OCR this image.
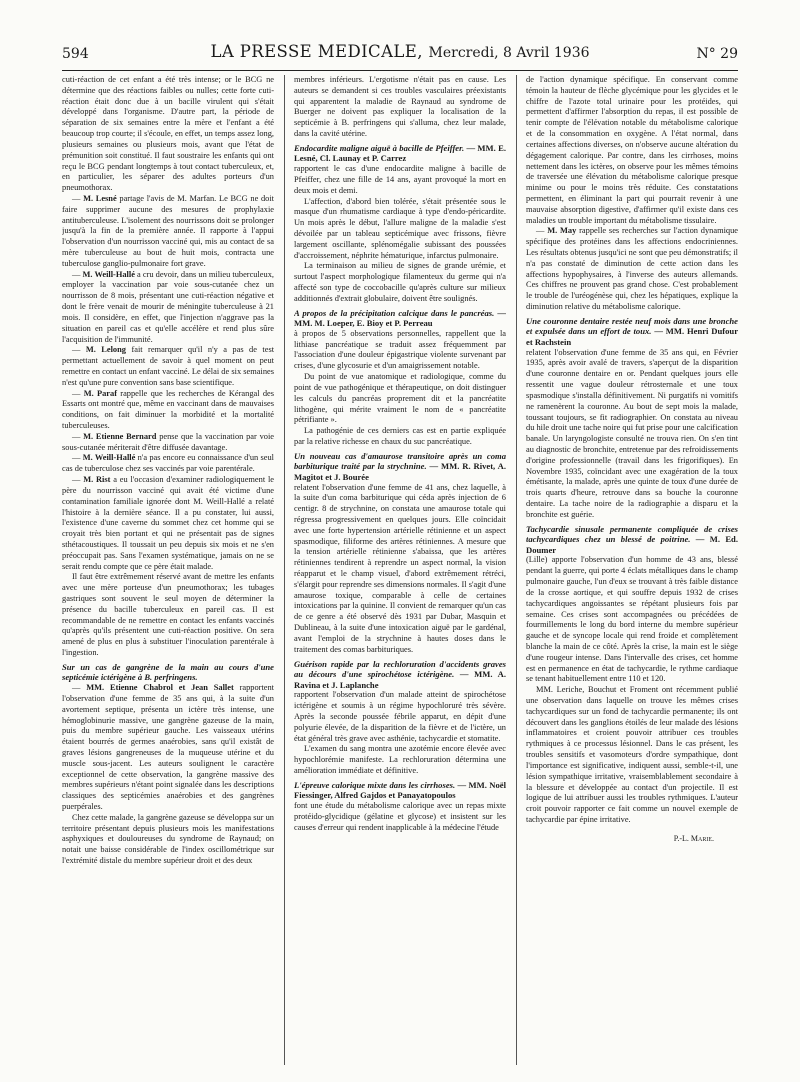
594	LA PRESSE MEDICALE, Mercredi, 8 Avril 1936	N° 29

cuti-réaction de cet enfant a été très intense; or le BCG ne détermine que des réactions faibles ou nulles; cette forte cuti-réaction était donc due à un bacille virulent qui s'était développé dans l'organisme. D'autre part, la période de séparation de six semaines entre la mère et l'enfant a été beaucoup trop courte; il s'écoule, en effet, un temps assez long, plusieurs semaines ou plusieurs mois, avant que l'état de prémunition soit constitué. Il faut soustraire les enfants qui ont reçu le BCG pendant longtemps à tout contact tuberculeux, et, en particulier, les séparer des adultes porteurs d'un pneumothorax.

— M. Lesné partage l'avis de M. Marfan. Le BCG ne doit faire supprimer aucune des mesures de prophylaxie antituberculeuse. L'isolement des nourrissons doit se prolonger jusqu'à la fin de la première année. Il rapporte à l'appui l'observation d'un nourrisson vacciné qui, mis au contact de sa mère tuberculeuse au bout de huit mois, contracta une tuberculose ganglio-pulmonaire fort grave.

— M. Weill-Hallé a cru devoir, dans un milieu tuberculeux, employer la vaccination par voie sous-cutanée chez un nourrisson de 8 mois, présentant une cuti-réaction négative et dont le frère venait de mourir de méningite tuberculeuse à 21 mois. Il considère, en effet, que l'injection n'aggrave pas la situation en pareil cas et qu'elle accélère et rend plus sûre l'acquisition de l'immunité.

— M. Lelong fait remarquer qu'il n'y a pas de test permettant actuellement de savoir à quel moment on peut remettre en contact un enfant vacciné. Le délai de six semaines n'est qu'une pure convention sans base scientifique.

— M. Paraf rappelle que les recherches de Kérangal des Essarts ont montré que, même en vaccinant dans de mauvaises conditions, on fait diminuer la morbidité et la mortalité tuberculeuses.

— M. Etienne Bernard pense que la vaccination par voie sous-cutanée mériterait d'être diffusée davantage.

— M. Weill-Hallé n'a pas encore eu connaissance d'un seul cas de tuberculose chez ses vaccinés par voie parentérale.

— M. Rist a eu l'occasion d'examiner radiologiquement le père du nourrisson vacciné qui avait été victime d'une contamination familiale ignorée dont M. Weill-Hallé a relaté l'histoire à la dernière séance. Il a pu constater, lui aussi, l'existence d'une caverne du sommet chez cet homme qui se croyait très bien portant et qui ne présentait pas de signes sthétacoustiques. Il toussait un peu depuis six mois et ne s'en préoccupait pas. Sans l'examen systématique, jamais on ne se serait rendu compte que ce père était malade.

Il faut être extrêmement réservé avant de mettre les enfants avec une mère porteuse d'un pneumothorax; les tubages gastriques sont souvent le seul moyen de déterminer la présence du bacille tuberculeux en pareil cas. Il est recommandable de ne remettre en contact les enfants vaccinés qu'après qu'ils présentent une cuti-réaction positive. On sera amené de plus en plus à substituer l'inoculation parentérale à l'ingestion.

Sur un cas de gangrène de la main au cours d'une septicémie ictérigène à B. perfringens.

— MM. Etienne Chabrol et Jean Sallet rapportent l'observation d'une femme de 35 ans qui, à la suite d'un avortement septique, présenta un ictère très intense, une hémoglobinurie massive, une gangrène gazeuse de la main, puis du membre supérieur gauche. Les vaisseaux utérins étaient bourrés de germes anaérobies, sans qu'il existât de graves lésions gangreneuses de la muqueuse utérine et du muscle sous-jacent. Les auteurs soulignent le caractère exceptionnel de cette observation, la gangrène massive des membres supérieurs n'étant point signalée dans les descriptions classiques des septicémies anaérobies et des gangrènes puerpérales.

Chez cette malade, la gangrène gazeuse se développa sur un territoire présentant depuis plusieurs mois les manifestations asphyxiques et douloureuses du syndrome de Raynaud; on notait une baisse considérable de l'index oscillométrique sur l'extrémité distale du membre supérieur droit et des deux

membres inférieurs. L'ergotisme n'était pas en cause. Les auteurs se demandent si ces troubles vasculaires préexistants qui apparentent la maladie de Raynaud au syndrome de Buerger ne doivent pas expliquer la localisation de la septicémie à B. perfringens qui s'alluma, chez leur malade, dans la cavité utérine.

Endocardite maligne aiguë à bacille de Pfeiffer. — MM. E. Lesné, Cl. Launay et P. Carrez

rapportent le cas d'une endocardite maligne à bacille de Pfeiffer, chez une fille de 14 ans, ayant provoqué la mort en deux mois et demi.

L'affection, d'abord bien tolérée, s'était présentée sous le masque d'un rhumatisme cardiaque à type d'endo-péricardite. Un mois après le début, l'allure maligne de la maladie s'est dévoilée par un tableau septicémique avec frissons, fièvre largement oscillante, splénomégalie subissant des poussées d'accroissement, néphrite hématurique, infarctus pulmonaire.

La terminaison au milieu de signes de grande urémie, et surtout l'aspect morphologique filamenteux du germe qui n'a affecté son type de coccobacille qu'après culture sur milieux additionnés d'extrait globulaire, doivent être soulignés.

A propos de la précipitation calcique dans le pancréas. — MM. M. Loeper, E. Bioy et P. Perreau

à propos de 5 observations personnelles, rappellent que la lithiase pancréatique se traduit assez fréquemment par l'association d'une douleur épigastrique violente survenant par crises, d'une glycosurie et d'un amaigrissement notable.

Du point de vue anatomique et radiologique, comme du point de vue pathogénique et thérapeutique, on doit distinguer les calculs du pancréas proprement dit et la pancréatite lithogène, qui mérite vraiment le nom de « pancréatite pétrifiante ».

La pathogénie de ces derniers cas est en partie expliquée par la relative richesse en chaux du suc pancréatique.

Un nouveau cas d'amaurose transitoire après un coma barbiturique traité par la strychnine. — MM. R. Rivet, A. Magitot et J. Bourée

relatent l'observation d'une femme de 41 ans, chez laquelle, à la suite d'un coma barbiturique qui céda après injection de 6 centigr. 8 de strychnine, on constata une amaurose totale qui régressa progressivement en quelques jours. Elle coïncidait avec une forte hypertension artérielle rétinienne et un aspect spasmodique, filiforme des artères rétiniennes. A mesure que la tension artérielle rétinienne s'abaissa, que les artères rétiniennes tendirent à reprendre un aspect normal, la vision réapparut et le champ visuel, d'abord extrêmement rétréci, s'élargit pour reprendre ses dimensions normales. Il s'agit d'une amaurose toxique, comparable à celle de certaines intoxications par la quinine. Il convient de remarquer qu'un cas de ce genre a été observé dès 1931 par Dubar, Masquin et Dublineau, à la suite d'une intoxication aiguë par le gardénal, avant l'emploi de la strychnine à hautes doses dans le traitement des comas barbituriques.

Guérison rapide par la rechloruration d'accidents graves au décours d'une spirochétose ictérigène. — MM. A. Ravina et J. Laplanche

rapportent l'observation d'un malade atteint de spirochétose ictérigène et soumis à un régime hypochloruré très sévère. Après la seconde poussée fébrile apparut, en dépit d'une polyurie élevée, de la disparition de la fièvre et de l'ictère, un état général très grave avec asthénie, tachycardie et stomatite.

L'examen du sang montra une azotémie encore élevée avec hypochlorémie manifeste. La rechloruration détermina une amélioration immédiate et définitive.

L'épreuve calorique mixte dans les cirrhoses. — MM. Noël Fiessinger, Alfred Gajdos et Panayatopoulos

font une étude du métabolisme calorique avec un repas mixte protéido-glycidique (gélatine et glycose) et insistent sur les causes d'erreur qui rendent inapplicable à la médecine l'étude

de l'action dynamique spécifique. En conservant comme témoin la hauteur de flèche glycémique pour les glycides et le chiffre de l'azote total urinaire pour les protéides, qui permettent d'affirmer l'absorption du repas, il est possible de tenir compte de l'élévation notable du métabolisme calorique et de la consommation en oxygène. A l'état normal, dans certaines affections diverses, on n'observe aucune altération du dégagement calorique. Par contre, dans les cirrhoses, moins nettement dans les ictères, on observe pour les mêmes témoins de traversée une élévation du métabolisme calorique presque minime ou pour le moins très réduite. Ces constatations permettent, en éliminant la part qui pourrait revenir à une mauvaise absorption digestive, d'affirmer qu'il existe dans ces maladies un trouble important du métabolisme tissulaire.

— M. May rappelle ses recherches sur l'action dynamique spécifique des protéines dans les affections endocriniennes. Les résultats obtenus jusqu'ici ne sont que peu démonstratifs; il n'a pas constaté de diminution de cette action dans les affections hypophysaires, à l'inverse des auteurs allemands. Ces chiffres ne prouvent pas grand chose. C'est probablement le trouble de l'uréogénèse qui, chez les hépatiques, explique la diminution relative du métabolisme calorique.

Une couronne dentaire restée neuf mois dans une bronche et expulsée dans un effort de toux. — MM. Henri Dufour et Rachstein

relatent l'observation d'une femme de 35 ans qui, en Février 1935, après avoir avalé de travers, s'aperçut de la disparition d'une couronne dentaire en or. Pendant quelques jours elle ressentit une vague douleur rétrosternale et une toux spasmodique s'installa définitivement. Ni purgatifs ni vomitifs ne ramenèrent la couronne. Au bout de sept mois la malade, toussant toujours, se fit radiographier. On constata au niveau du hile droit une tache noire qui fut prise pour une calcification banale. Un laryngologiste consulté ne trouva rien. On s'en tint au diagnostic de bronchite, entretenue par des refroidissements d'origine professionnelle (travail dans les frigorifiques). En Novembre 1935, coïncidant avec une exagération de la toux émétisante, la malade, après une quinte de toux d'une durée de trois quarts d'heure, retrouve dans sa bouche la couronne dentaire. La tache noire de la radiographie a disparu et la bronchite est guérie.

Tachycardie sinusale permanente compliquée de crises tachycardiques chez un blessé de poitrine. — M. Ed. Doumer

(Lille) apporte l'observation d'un homme de 43 ans, blessé pendant la guerre, qui porte 4 éclats métalliques dans le champ pulmonaire gauche, l'un d'eux se trouvant à très faible distance de la crosse aortique, et qui souffre depuis 1932 de crises tachycardiques angoissantes se répétant plusieurs fois par semaine. Ces crises sont accompagnées ou précédées de fourmillements le long du bord interne du membre supérieur gauche et de syncope locale qui rend froide et complètement blanche la main de ce côté. Après la crise, la main est le siège d'une rougeur intense. Dans l'intervalle des crises, cet homme est en permanence en état de tachycardie, le rythme cardiaque se tenant habituellement entre 110 et 120.

MM. Leriche, Bouchut et Froment ont récemment publié une observation dans laquelle on trouve les mêmes crises tachycardiques sur un fond de tachycardie permanente; ils ont découvert dans les ganglions étoilés de leur malade des lésions inflammatoires et croient pouvoir attribuer ces troubles rythmiques à ce processus lésionnel. Dans le cas présent, les troubles sensitifs et vasomoteurs d'ordre sympathique, dont l'importance est significative, indiquent aussi, semble-t-il, une lésion sympathique irritative, vraisemblablement secondaire à la blessure et développée au contact d'un projectile. Il est logique de lui attribuer aussi les troubles rythmiques. L'auteur croit pouvoir rapporter ce fait comme un nouvel exemple de tachycardie par épine irritative.

P.-L. Marie.
